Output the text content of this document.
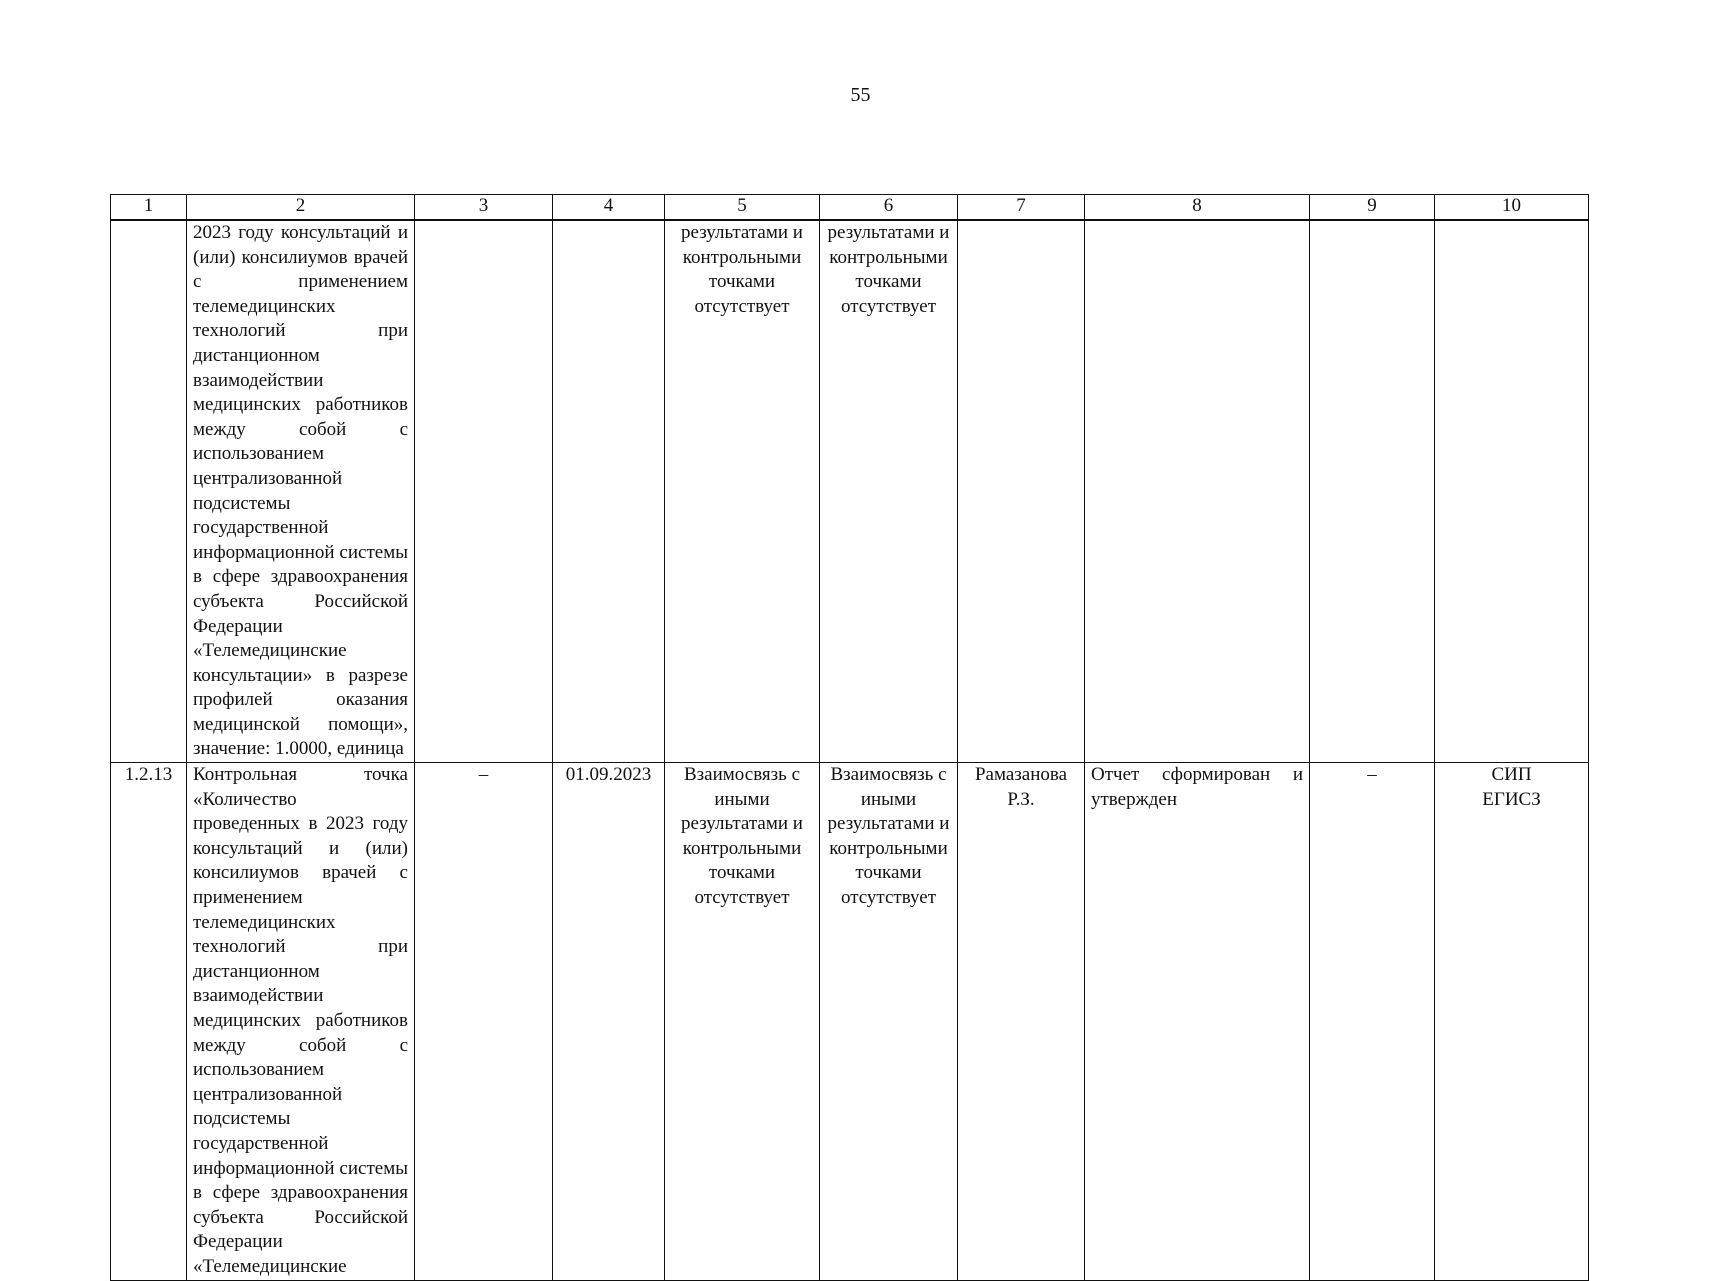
55
1	2	3	4	5	6	7	8	9	10
	2023 году консультаций и (или) консилиумов врачей с применением телемедицинских технологий при дистанционном взаимодействии медицинских работников между собой с использованием централизованной подсистемы государственной информационной системы в сфере здравоохранения субъекта Российской Федерации «Телемедицинские консультации» в разрезе профилей оказания медицинской помощи», значение: 1.0000, единица			результатами и контрольными точками отсутствует	результатами и контрольными точками отсутствует				
1.2.13	Контрольная точка «Количество проведенных в 2023 году консультаций и (или) консилиумов врачей с применением телемедицинских технологий при дистанционном взаимодействии медицинских работников между собой с использованием централизованной подсистемы государственной информационной системы в сфере здравоохранения субъекта Российской Федерации «Телемедицинские	–	01.09.2023	Взаимосвязь с иными результатами и контрольными точками отсутствует	Взаимосвязь с иными результатами и контрольными точками отсутствует	Рамазанова Р.З.	Отчет сформирован и утвержден	–	СИП
ЕГИСЗ
